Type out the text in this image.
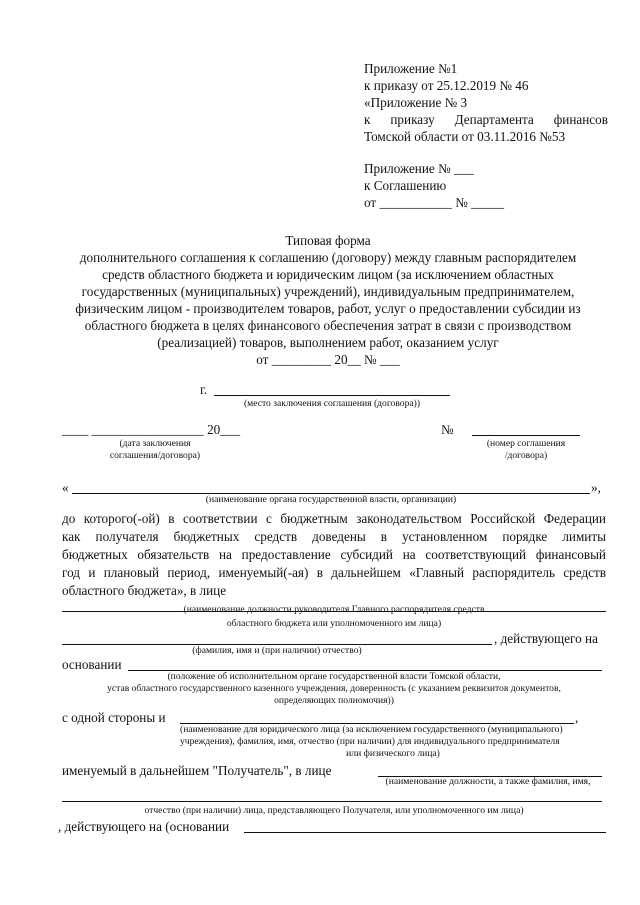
Приложение №1
к приказу от 25.12.2019 № 46
«Приложение № 3
к приказу Департамента финансов
Томской области от 03.11.2016 №53
Приложение № ___
к Соглашению
от ___________ № _____
Типовая форма
дополнительного соглашения к соглашению (договору) между главным распорядителем
средств областного бюджета и юридическим лицом (за исключением областных
государственных (муниципальных) учреждений), индивидуальным предпринимателем,
физическим лицом - производителем товаров, работ, услуг о предоставлении субсидии из
областного бюджета в целях финансового обеспечения затрат в связи с производством
(реализацией) товаров, выполнением работ, оказанием услуг
от _________ 20__ № ___
г.
(место заключения соглашения (договора))
____ _________________ 20___	№
(дата заключения
соглашения/договора)
(номер соглашения
/договора)
«	»,
(наименование органа государственной власти, организации)
до которого(-ой) в соответствии с бюджетным законодательством Российской Федерации
как получателя бюджетных средств доведены в установленном порядке лимиты
бюджетных обязательств на предоставление субсидий на соответствующий финансовый
год и плановый период, именуемый(-ая) в дальнейшем «Главный распорядитель средств
областного бюджета», в лице
(наименование должности руководителя Главного распорядителя средств
областного бюджета или уполномоченного им лица)
, действующего на
(фамилия, имя и (при наличии) отчество)
основании
(положение об исполнительном органе государственной власти Томской области,
устав областного государственного казенного учреждения, доверенность (с указанием реквизитов документов,
определяющих полномочия))
с одной стороны и	,
(наименование для юридического лица (за исключением государственного (муниципального)
учреждения), фамилия, имя, отчество (при наличии) для индивидуального предпринимателя
или физического лица)
именуемый в дальнейшем "Получатель", в лице
(наименование должности, а также фамилия, имя,
отчество (при наличии) лица, представляющего Получателя, или уполномоченного им лица)
, действующего на (основании
